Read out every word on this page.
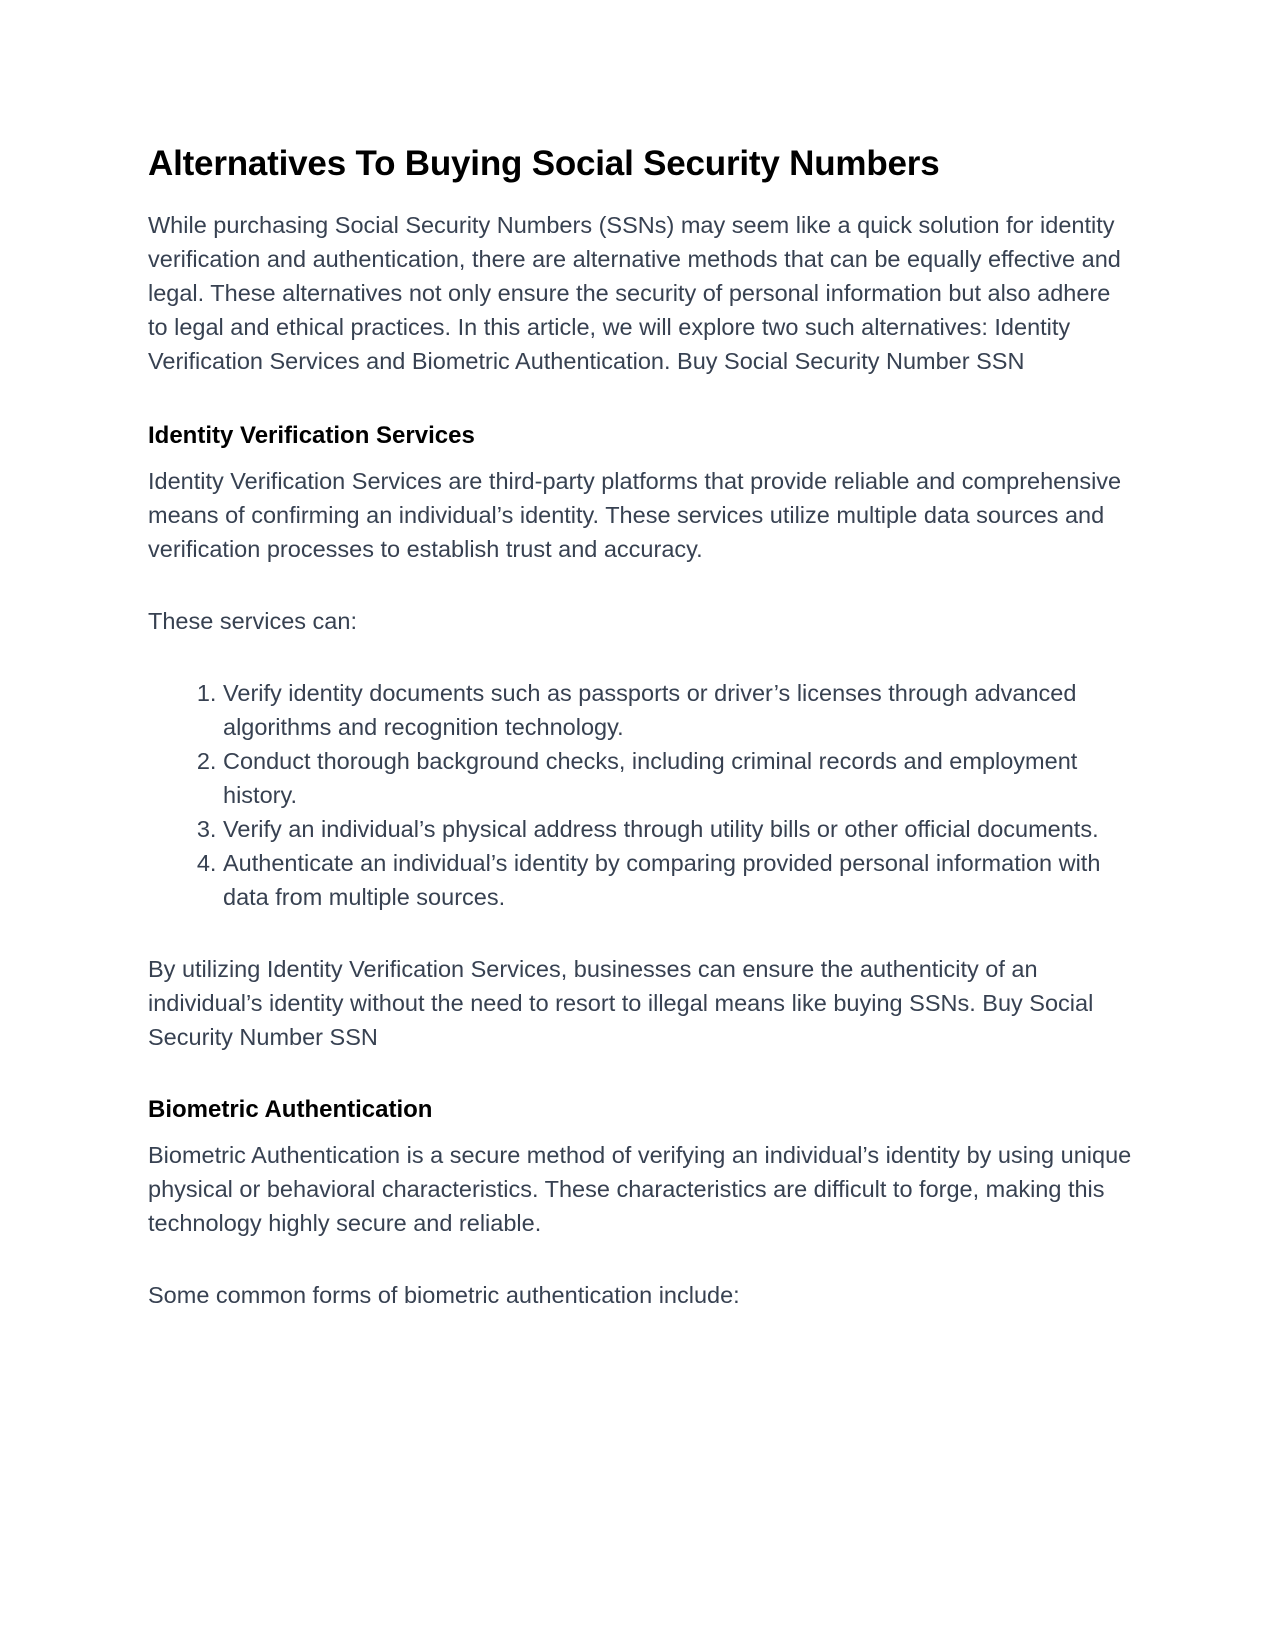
Alternatives To Buying Social Security Numbers

While purchasing Social Security Numbers (SSNs) may seem like a quick solution for identity verification and authentication, there are alternative methods that can be equally effective and legal. These alternatives not only ensure the security of personal information but also adhere to legal and ethical practices. In this article, we will explore two such alternatives: Identity Verification Services and Biometric Authentication. Buy Social Security Number SSN

Identity Verification Services

Identity Verification Services are third-party platforms that provide reliable and comprehensive means of confirming an individual’s identity. These services utilize multiple data sources and verification processes to establish trust and accuracy.

These services can:

1. Verify identity documents such as passports or driver’s licenses through advanced algorithms and recognition technology.
2. Conduct thorough background checks, including criminal records and employment history.
3. Verify an individual’s physical address through utility bills or other official documents.
4. Authenticate an individual’s identity by comparing provided personal information with data from multiple sources.

By utilizing Identity Verification Services, businesses can ensure the authenticity of an individual’s identity without the need to resort to illegal means like buying SSNs. Buy Social Security Number SSN

Biometric Authentication

Biometric Authentication is a secure method of verifying an individual’s identity by using unique physical or behavioral characteristics. These characteristics are difficult to forge, making this technology highly secure and reliable.

Some common forms of biometric authentication include:
